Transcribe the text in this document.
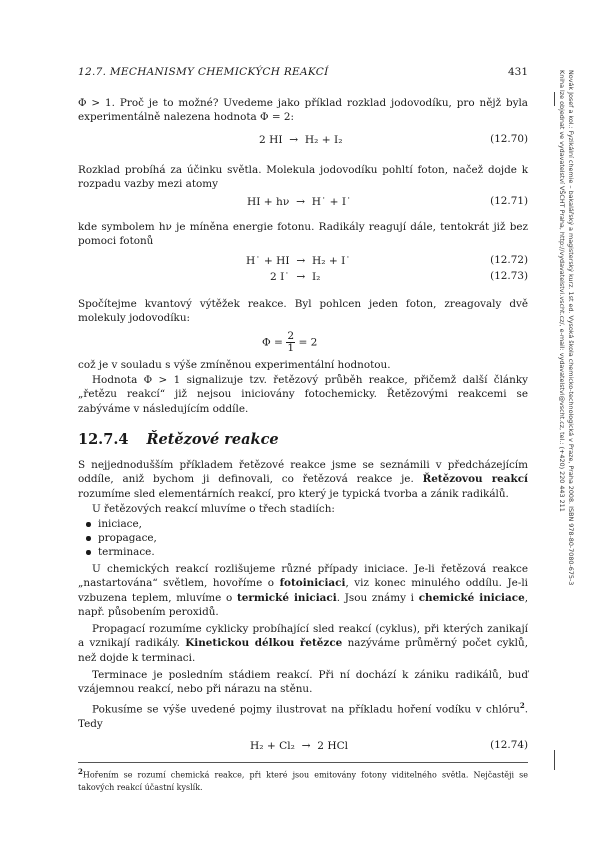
12.7. MECHANISMY CHEMICKÝCH REAKCÍ	431
Φ > 1. Proč je to možné? Uvedeme jako příklad rozklad jodovodíku, pro nějž byla experimentálně nalezena hodnota Φ = 2:
2 HI → H₂ + I₂	(12.70)
Rozklad probíhá za účinku světla. Molekula jodovodíku pohltí foton, načež dojde k rozpadu vazby mezi atomy
HI + hν → H˙ + I˙	(12.71)
kde symbolem hν je míněna energie fotonu. Radikály reagují dále, tentokrát již bez pomoci fotonů
H˙ + HI → H₂ + I˙	(12.72)
2 I˙ → I₂	(12.73)
Spočítejme kvantový výtěžek reakce. Byl pohlcen jeden foton, zreagovaly dvě molekuly jodovodíku:
$\Phi = \frac{2}{1} = 2$
což je v souladu s výše zmíněnou experimentální hodnotou.
Hodnota Φ > 1 signalizuje tzv. řetězový průběh reakce, přičemž další články „řetězu reakcí“ již nejsou iniciovány fotochemicky. Řetězovými reakcemi se zabýváme v následujícím oddíle.
12.7.4 Řetězové reakce
S nejjednodušším příkladem řetězové reakce jsme se seznámili v předcházejícím oddíle, aniž bychom ji definovali, co řetězová reakce je. Řetězovou reakcí rozumíme sled elementárních reakcí, pro který je typická tvorba a zánik radikálů.
U řetězových reakcí mluvíme o třech stadiích:
iniciace,
propagace,
terminace.
U chemických reakcí rozlišujeme různé případy iniciace. Je-li řetězová reakce „nastartována“ světlem, hovoříme o fotoiniciaci, viz konec minulého oddílu. Je-li vzbuzena teplem, mluvíme o termické iniciaci. Jsou známy i chemické iniciace, např. působením peroxidů.
Propagací rozumíme cyklicky probíhající sled reakcí (cyklus), při kterých zanikají a vznikají radikály. Kinetickou délkou řetězce nazýváme průměrný počet cyklů, než dojde k terminaci.
Terminace je posledním stádiem reakcí. Při ní dochází k zániku radikálů, buď vzájemnou reakcí, nebo při nárazu na stěnu.
Pokusíme se výše uvedené pojmy ilustrovat na příkladu hoření vodíku v chlóru$^2$. Tedy
H₂ + Cl₂ → 2 HCl	(12.74)
$^2$Hořením se rozumí chemická reakce, při které jsou emitovány fotony viditelného světla. Nejčastěji se takových reakcí účastní kyslík.
Novák Josef a kol.: Fyzikální chemie – bakalářský a magisterský kurz. 1st ed. Vysoká škola chemicko-technologická v Praze, Praha 2008. ISBN 978-80-7080-675-3
Kniha lze objednat ve vydavatelství VŠCHT Praha, http://vydavatelstvi.vscht.cz/, e-mail: vydavatelstvi@vscht.cz, tel.: (+420) 220 443 211
